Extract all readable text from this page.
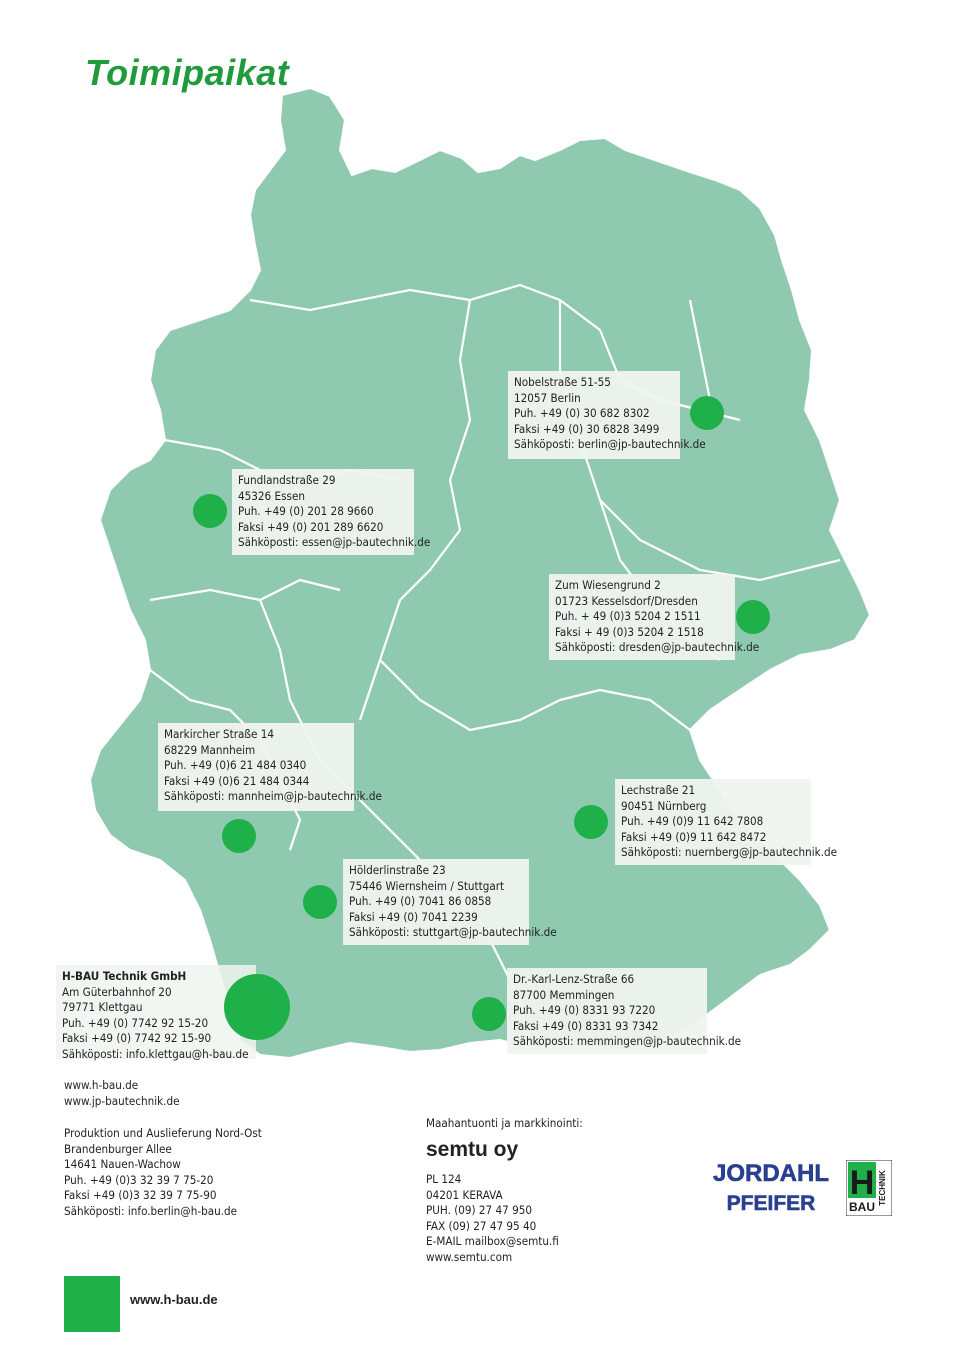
Toimipaikat
Nobelstraße 51-55
12057 Berlin
Puh. +49 (0) 30 682 8302
Faksi +49 (0) 30 6828 3499
Sähköposti: berlin@jp-bautechnik.de
Fundlandstraße 29
45326 Essen
Puh. +49 (0) 201 28 9660
Faksi +49 (0) 201 289 6620
Sähköposti: essen@jp-bautechnik.de
Zum Wiesengrund 2
01723 Kesselsdorf/Dresden
Puh. + 49 (0)3 5204 2 1511
Faksi + 49 (0)3 5204 2 1518
Sähköposti: dresden@jp-bautechnik.de
Markircher Straße 14
68229 Mannheim
Puh. +49 (0)6 21 484 0340
Faksi +49 (0)6 21 484 0344
Sähköposti: mannheim@jp-bautechnik.de	Lechstraße 21
90451 Nürnberg
Puh. +49 (0)9 11 642 7808
Faksi +49 (0)9 11 642 8472
Sähköposti: nuernberg@jp-bautechnik.de
Hölderlinstraße 23
75446 Wiernsheim / Stuttgart
Puh. +49 (0) 7041 86 0858
Faksi +49 (0) 7041 2239
Sähköposti: stuttgart@jp-bautechnik.de
H-BAU Technik GmbH
Am Güterbahnhof 20
79771 Klettgau
Puh. +49 (0) 7742 92 15-20
Faksi +49 (0) 7742 92 15-90
Sähköposti: info.klettgau@h-bau.de
Dr.-Karl-Lenz-Straße 66
87700 Memmingen
Puh. +49 (0) 8331 93 7220
Faksi +49 (0) 8331 93 7342
Sähköposti: memmingen@jp-bautechnik.de
www.h-bau.de
www.jp-bautechnik.de
Produktion und Auslieferung Nord-Ost
Brandenburger Allee
14641 Nauen-Wachow
Puh. +49 (0)3 32 39 7 75-20
Faksi +49 (0)3 32 39 7 75-90
Sähköposti: info.berlin@h-bau.de
Maahantuonti ja markkinointi:
semtu oy
PL 124
04201 KERAVA
PUH. (09) 27 47 950
FAX (09) 27 47 95 40
E-MAIL mailbox@semtu.fi
www.semtu.com
JORDAHL
PFEIFER
H
BAU
TECHNIK
www.h-bau.de
